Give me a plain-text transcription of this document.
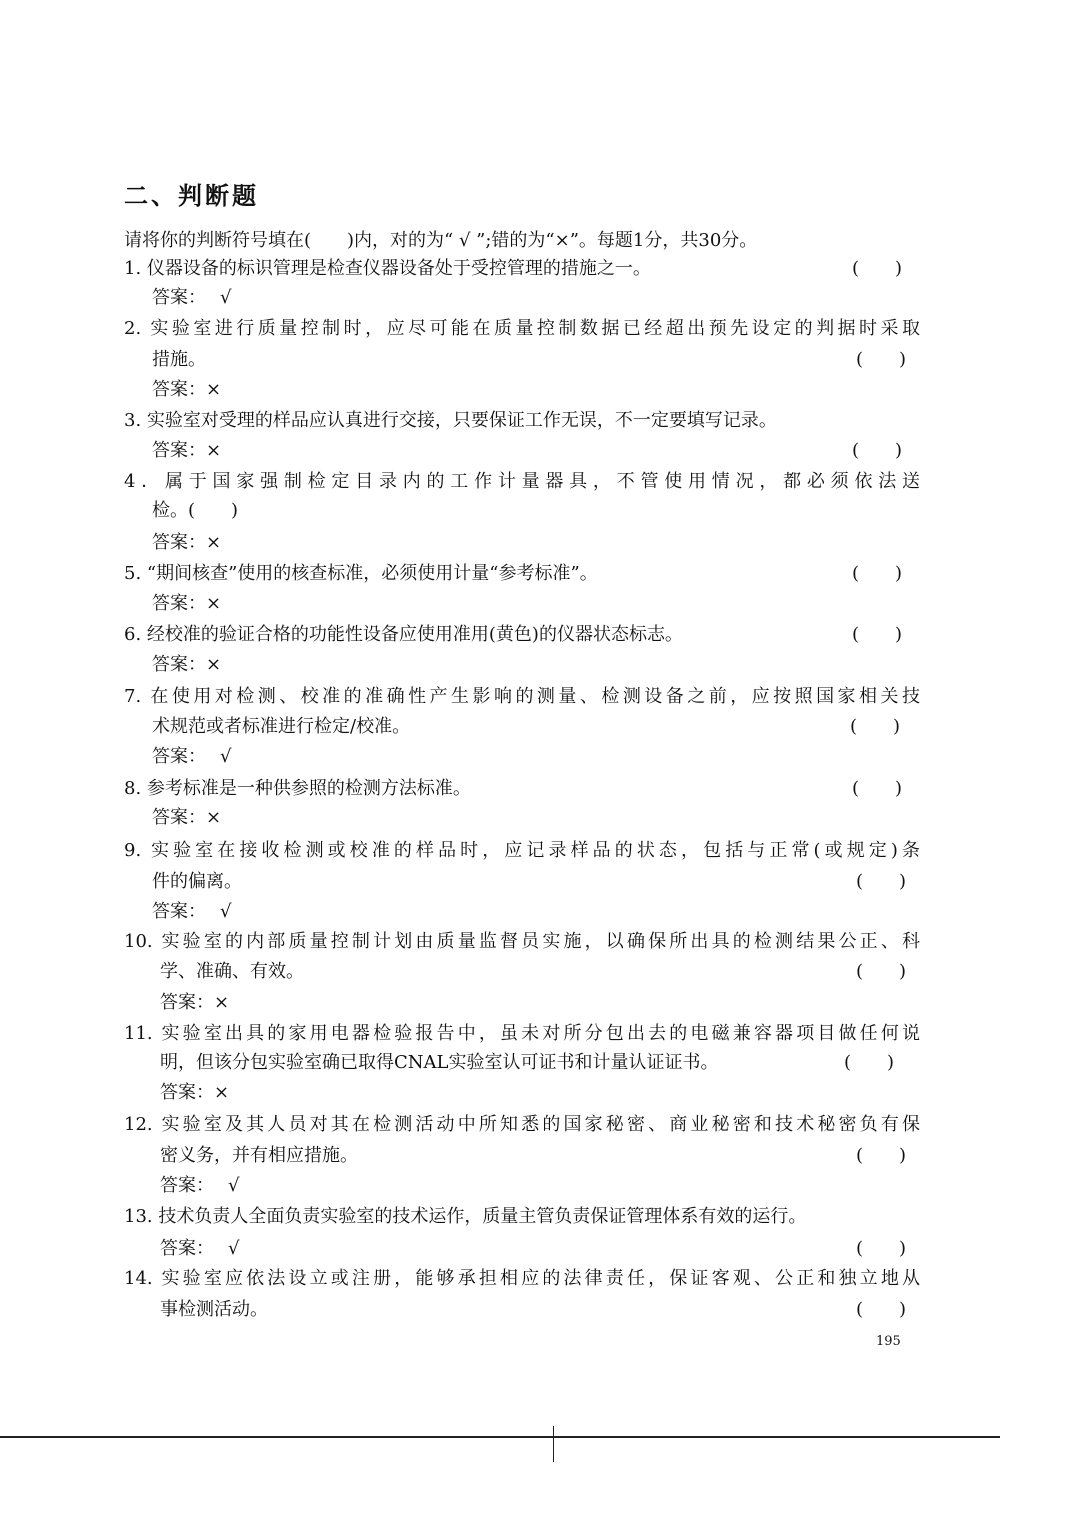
二、判断题

请将你的判断符号填在(　　)内，对的为“ √ ”;错的为“×”。每题1分，共30分。

1. 仪器设备的标识管理是检查仪器设备处于受控管理的措施之一。	(　　)
答案： √
2. 实验室进行质量控制时，应尽可能在质量控制数据已经超出预先设定的判据时采取
措施。	(　　)
答案：×
3. 实验室对受理的样品应认真进行交接，只要保证工作无误，不一定要填写记录。
答案：×	(　　)
4．属于国家强制检定目录内的工作计量器具，不管使用情况，都必须依法送
检。(　　)
答案：×
5. “期间核查”使用的核查标准，必须使用计量“参考标准”。	(　　)
答案：×
6. 经校准的验证合格的功能性设备应使用准用(黄色)的仪器状态标志。	(　　)
答案：×
7. 在使用对检测、校准的准确性产生影响的测量、检测设备之前，应按照国家相关技
术规范或者标准进行检定/校准。	(　　)
答案： √
8. 参考标准是一种供参照的检测方法标准。	(　　)
答案：×
9. 实验室在接收检测或校准的样品时，应记录样品的状态，包括与正常(或规定)条
件的偏离。	(　　)
答案： √
10. 实验室的内部质量控制计划由质量监督员实施，以确保所出具的检测结果公正、科
学、准确、有效。	(　　)
答案：×
11. 实验室出具的家用电器检验报告中，虽未对所分包出去的电磁兼容器项目做任何说
明，但该分包实验室确已取得CNAL实验室认可证书和计量认证证书。	(　　)
答案：×
12. 实验室及其人员对其在检测活动中所知悉的国家秘密、商业秘密和技术秘密负有保
密义务，并有相应措施。	(　　)
答案： √
13. 技术负责人全面负责实验室的技术运作，质量主管负责保证管理体系有效的运行。
答案： √	(　　)
14. 实验室应依法设立或注册，能够承担相应的法律责任，保证客观、公正和独立地从
事检测活动。	(　　)
195
